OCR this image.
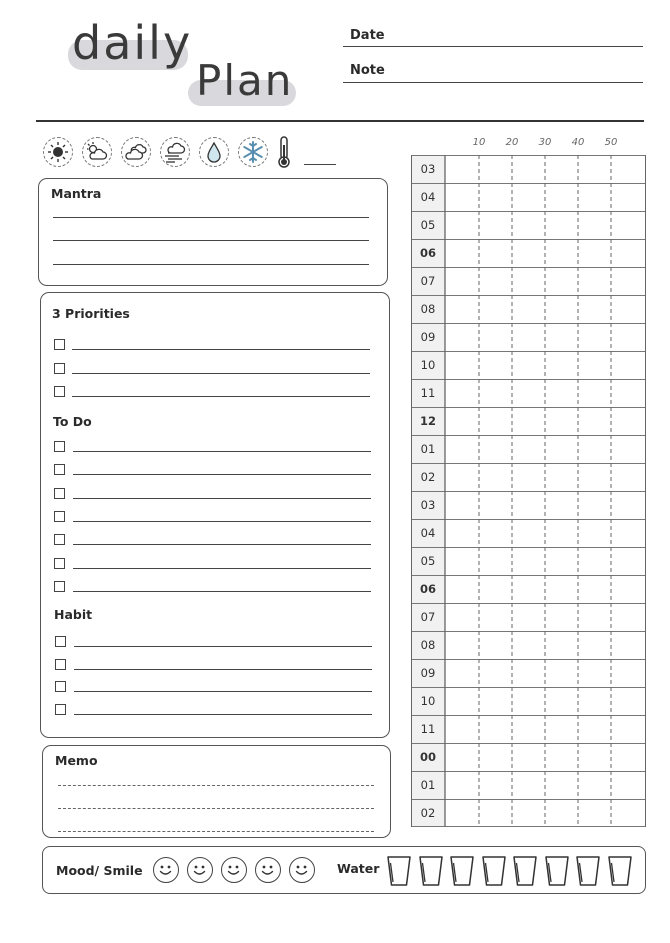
daily
Plan
Date
Note
Mantra
3 Priorities
To Do
Habit
Memo
10	20	30	40	50
03
04
05
06
07
08
09
10
11
12
01
02
03
04
05
06
07
08
09
10
11
00
01
02
Mood/ Smile	Water
